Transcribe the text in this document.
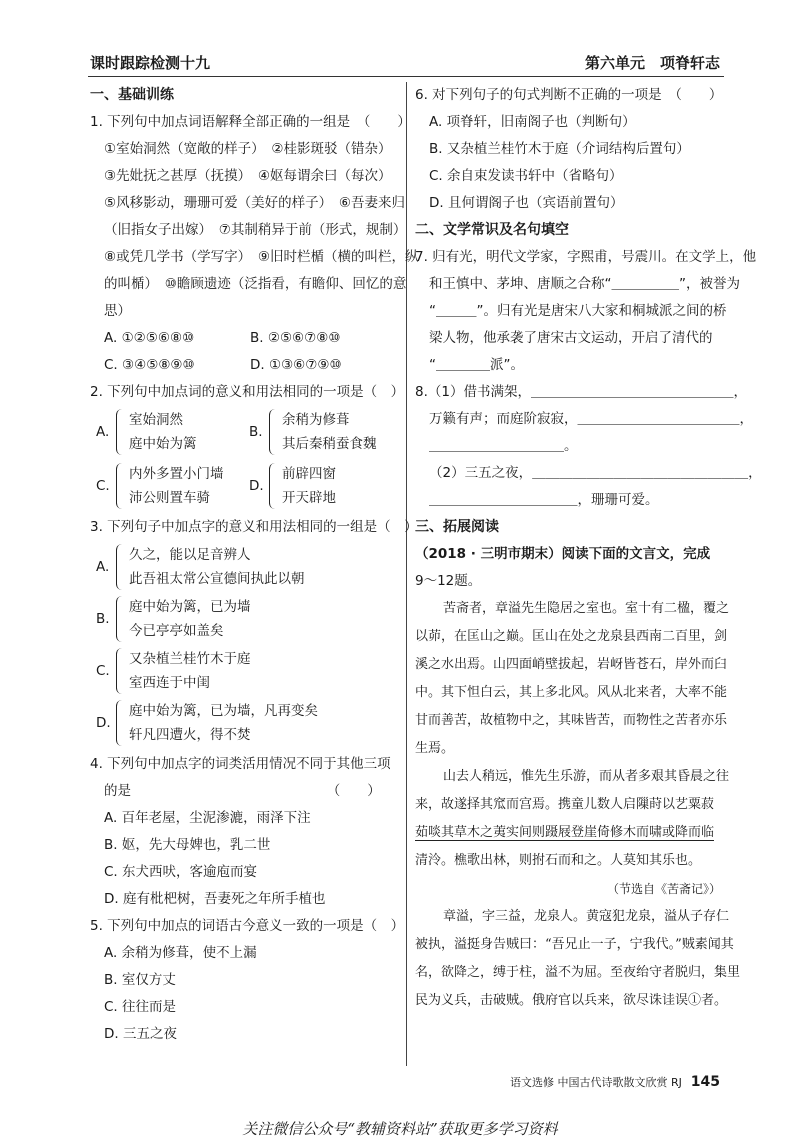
课时跟踪检测十九	第六单元　项脊轩志
一、基础训练
1. 下列句中加点词语解释全部正确的一组是　（　　）
①室始洞然（宽敞的样子）　②桂影斑驳（错杂）
③先妣抚之甚厚（抚摸）　④妪每谓余曰（每次）
⑤风移影动，珊珊可爱（美好的样子）　⑥吾妻来归
（旧指女子出嫁）　⑦其制稍异于前（形式，规制）
⑧或凭几学书（学写字）　⑨旧时栏楯（横的叫栏，纵
的叫楯）　⑩瞻顾遗迹（泛指看，有瞻仰、回忆的意
思）
A. ①②⑤⑥⑧⑩	B. ②⑤⑥⑦⑧⑩
C. ③④⑤⑧⑨⑩	D. ①③⑥⑦⑨⑩
2. 下列句中加点词的意义和用法相同的一项是（　）
A.
室始洞然
庭中始为篱
B.
余稍为修葺
其后秦稍蚕食魏
C.
内外多置小门墙
沛公则置车骑
D.
前辟四窗
开天辟地
3. 下列句子中加点字的意义和用法相同的一组是（　）
A.
久之，能以足音辨人
此吾祖太常公宣德间执此以朝
B.
庭中始为篱，已为墙
今已亭亭如盖矣
C.
又杂植兰桂竹木于庭
室西连于中闺
D.
庭中始为篱，已为墙，凡再变矣
轩凡四遭火，得不焚
4. 下列句中加点字的词类活用情况不同于其他三项
的是　　　　　　　　　　　　　　　（　　）
A. 百年老屋，尘泥渗漉，雨泽下注
B. 妪，先大母婢也，乳二世
C. 东犬西吠，客逾庖而宴
D. 庭有枇杷树，吾妻死之年所手植也
5. 下列句中加点的词语古今意义一致的一项是（　）
A. 余稍为修葺，使不上漏
B. 室仅方丈
C. 往往而是
D. 三五之夜
6. 对下列句子的句式判断不正确的一项是　（　　）
A. 项脊轩，旧南阁子也（判断句）
B. 又杂植兰桂竹木于庭（介词结构后置句）
C. 余自束发读书轩中（省略句）
D. 且何谓阁子也（宾语前置句）
二、文学常识及名句填空
7. 归有光，明代文学家，字熙甫，号震川。在文学上，他
和王慎中、茅坤、唐顺之合称“＿＿＿＿＿”，被誉为
“＿＿＿”。归有光是唐宋八大家和桐城派之间的桥
梁人物，他承袭了唐宋古文运动，开启了清代的
“＿＿＿＿派”。
8.（1）借书满架，＿＿＿＿＿＿＿＿＿＿＿＿＿＿＿，
万籁有声；而庭阶寂寂，＿＿＿＿＿＿＿＿＿＿＿＿，
＿＿＿＿＿＿＿＿＿＿。
（2）三五之夜，＿＿＿＿＿＿＿＿＿＿＿＿＿＿＿＿，
＿＿＿＿＿＿＿＿＿＿＿，珊珊可爱。
三、拓展阅读
（2018 · 三明市期末）阅读下面的文言文，完成
9～12题。
苦斋者，章溢先生隐居之室也。室十有二楹，覆之
以茆，在匡山之巅。匡山在处之龙泉县西南二百里，剑
溪之水出焉。山四面峭壁拔起，岩岈皆苍石，岸外而臼
中。其下怛白云，其上多北风。风从北来者，大率不能
甘而善苦，故植物中之，其味皆苦，而物性之苦者亦乐
生焉。
山去人稍远，惟先生乐游，而从者多艰其昏晨之往
来，故遂择其窊而宫焉。携童儿数人启隟莳以艺粟菽
茹啖其草木之荑实间则蹑屐登崖倚修木而啸或降而临
清泠。樵歌出林，则拊石而和之。人莫知其乐也。
（节选自《苦斋记》）
章溢，字三益，龙泉人。黄寇犯龙泉，溢从子存仁
被执，溢挺身告贼曰：“吾兄止一子，宁我代。”贼素闻其
名，欲降之，缚于柱，溢不为屈。至夜绐守者脱归，集里
民为义兵，击破贼。俄府官以兵来，欲尽诛诖误①者。
语文选修 中国古代诗歌散文欣赏 RJ 145
关注微信公众号“教辅资料站”获取更多学习资料
